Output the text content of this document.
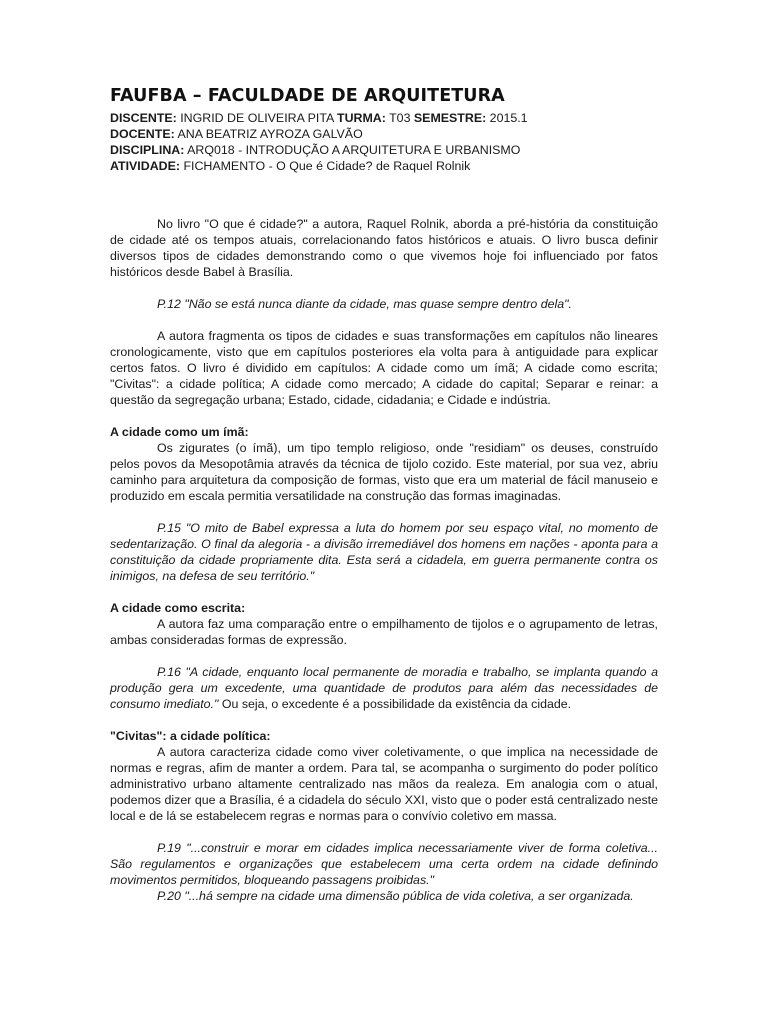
FAUFBA – FACULDADE DE ARQUITETURA
DISCENTE: INGRID DE OLIVEIRA PITA TURMA: T03 SEMESTRE: 2015.1
DOCENTE: ANA BEATRIZ AYROZA GALVÃO
DISCIPLINA: ARQ018 - INTRODUÇÃO A ARQUITETURA E URBANISMO
ATIVIDADE: FICHAMENTO - O Que é Cidade? de Raquel Rolnik

No livro "O que é cidade?" a autora, Raquel Rolnik, aborda a pré-história da constituição de cidade até os tempos atuais, correlacionando fatos históricos e atuais. O livro busca definir diversos tipos de cidades demonstrando como o que vivemos hoje foi influenciado por fatos históricos desde Babel à Brasília.

P.12 "Não se está nunca diante da cidade, mas quase sempre dentro dela".

A autora fragmenta os tipos de cidades e suas transformações em capítulos não lineares cronologicamente, visto que em capítulos posteriores ela volta para à antiguidade para explicar certos fatos. O livro é dividido em capítulos: A cidade como um ímã; A cidade como escrita; "Civitas": a cidade política; A cidade como mercado; A cidade do capital; Separar e reinar: a questão da segregação urbana; Estado, cidade, cidadania; e Cidade e indústria.

A cidade como um ímã:

Os zigurates (o ímã), um tipo templo religioso, onde "residiam" os deuses, construído pelos povos da Mesopotâmia através da técnica de tijolo cozido. Este material, por sua vez, abriu caminho para arquitetura da composição de formas, visto que era um material de fácil manuseio e produzido em escala permitia versatilidade na construção das formas imaginadas.

P.15 "O mito de Babel expressa a luta do homem por seu espaço vital, no momento de sedentarização. O final da alegoria - a divisão irremediável dos homens em nações - aponta para a constituição da cidade propriamente dita. Esta será a cidadela, em guerra permanente contra os inimigos, na defesa de seu território."

A cidade como escrita:

A autora faz uma comparação entre o empilhamento de tijolos e o agrupamento de letras, ambas consideradas formas de expressão.

P.16 "A cidade, enquanto local permanente de moradia e trabalho, se implanta quando a produção gera um excedente, uma quantidade de produtos para além das necessidades de consumo imediato." Ou seja, o excedente é a possibilidade da existência da cidade.

"Civitas": a cidade política:

A autora caracteriza cidade como viver coletivamente, o que implica na necessidade de normas e regras, afim de manter a ordem. Para tal, se acompanha o surgimento do poder político administrativo urbano altamente centralizado nas mãos da realeza. Em analogia com o atual, podemos dizer que a Brasília, é a cidadela do século XXI, visto que o poder está centralizado neste local e de lá se estabelecem regras e normas para o convívio coletivo em massa.

P.19 "...construir e morar em cidades implica necessariamente viver de forma coletiva... São regulamentos e organizações que estabelecem uma certa ordem na cidade definindo movimentos permitidos, bloqueando passagens proibidas."

P.20 "...há sempre na cidade uma dimensão pública de vida coletiva, a ser organizada.
